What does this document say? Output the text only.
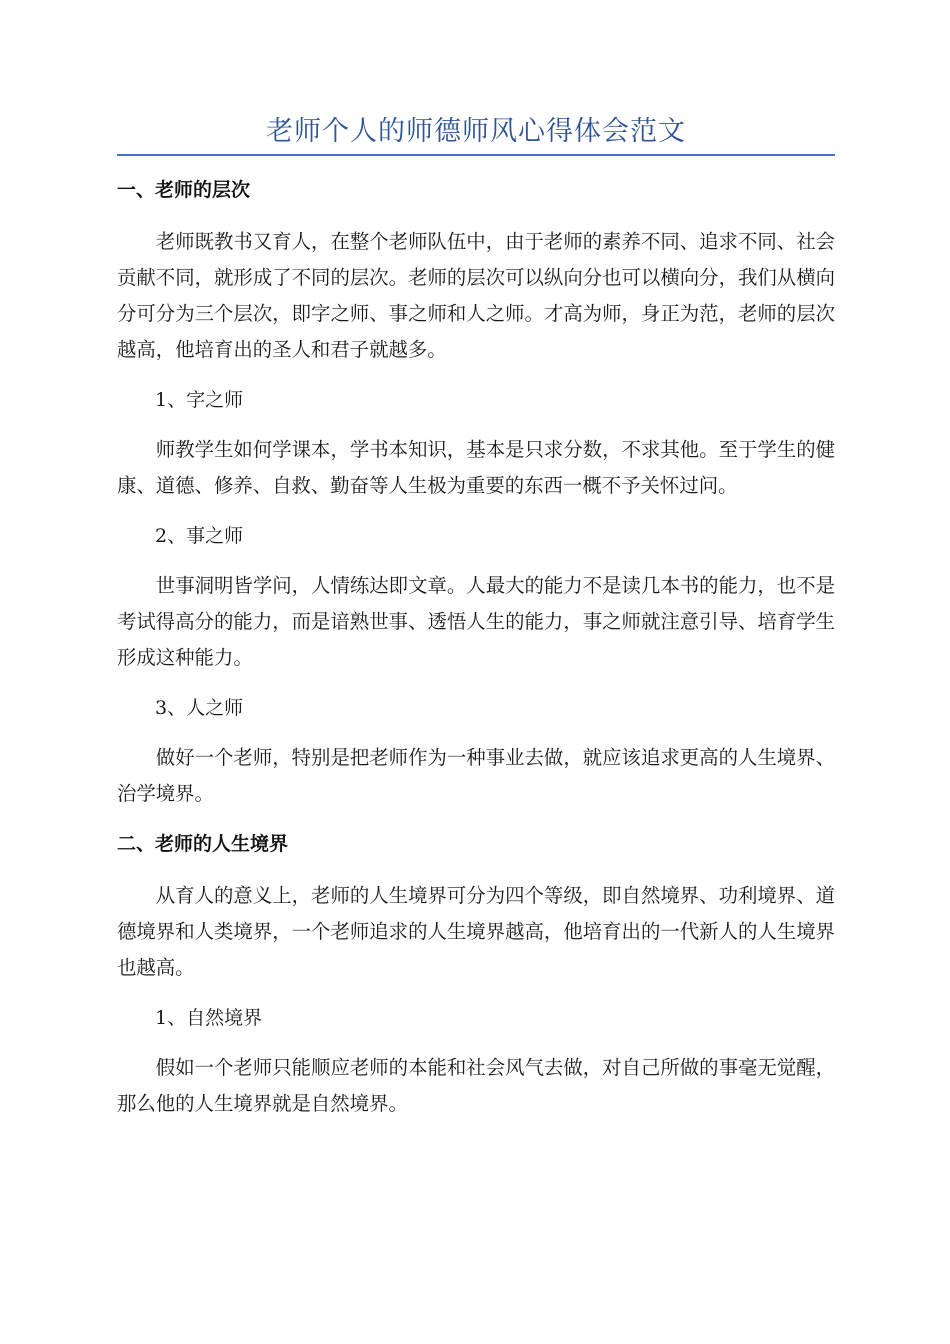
老师个人的师德师风心得体会范文
一、老师的层次
老师既教书又育人，在整个老师队伍中，由于老师的素养不同、追求不同、社会贡献不同，就形成了不同的层次。老师的层次可以纵向分也可以横向分，我们从横向分可分为三个层次，即字之师、事之师和人之师。才高为师，身正为范，老师的层次越高，他培育出的圣人和君子就越多。
1、字之师
师教学生如何学课本，学书本知识，基本是只求分数，不求其他。至于学生的健康、道德、修养、自救、勤奋等人生极为重要的东西一概不予关怀过问。
2、事之师
世事洞明皆学问，人情练达即文章。人最大的能力不是读几本书的能力，也不是考试得高分的能力，而是谙熟世事、透悟人生的能力，事之师就注意引导、培育学生形成这种能力。
3、人之师
做好一个老师，特别是把老师作为一种事业去做，就应该追求更高的人生境界、治学境界。
二、老师的人生境界
从育人的意义上，老师的人生境界可分为四个等级，即自然境界、功利境界、道德境界和人类境界，一个老师追求的人生境界越高，他培育出的一代新人的人生境界也越高。
1、自然境界
假如一个老师只能顺应老师的本能和社会风气去做，对自己所做的事毫无觉醒，那么他的人生境界就是自然境界。
